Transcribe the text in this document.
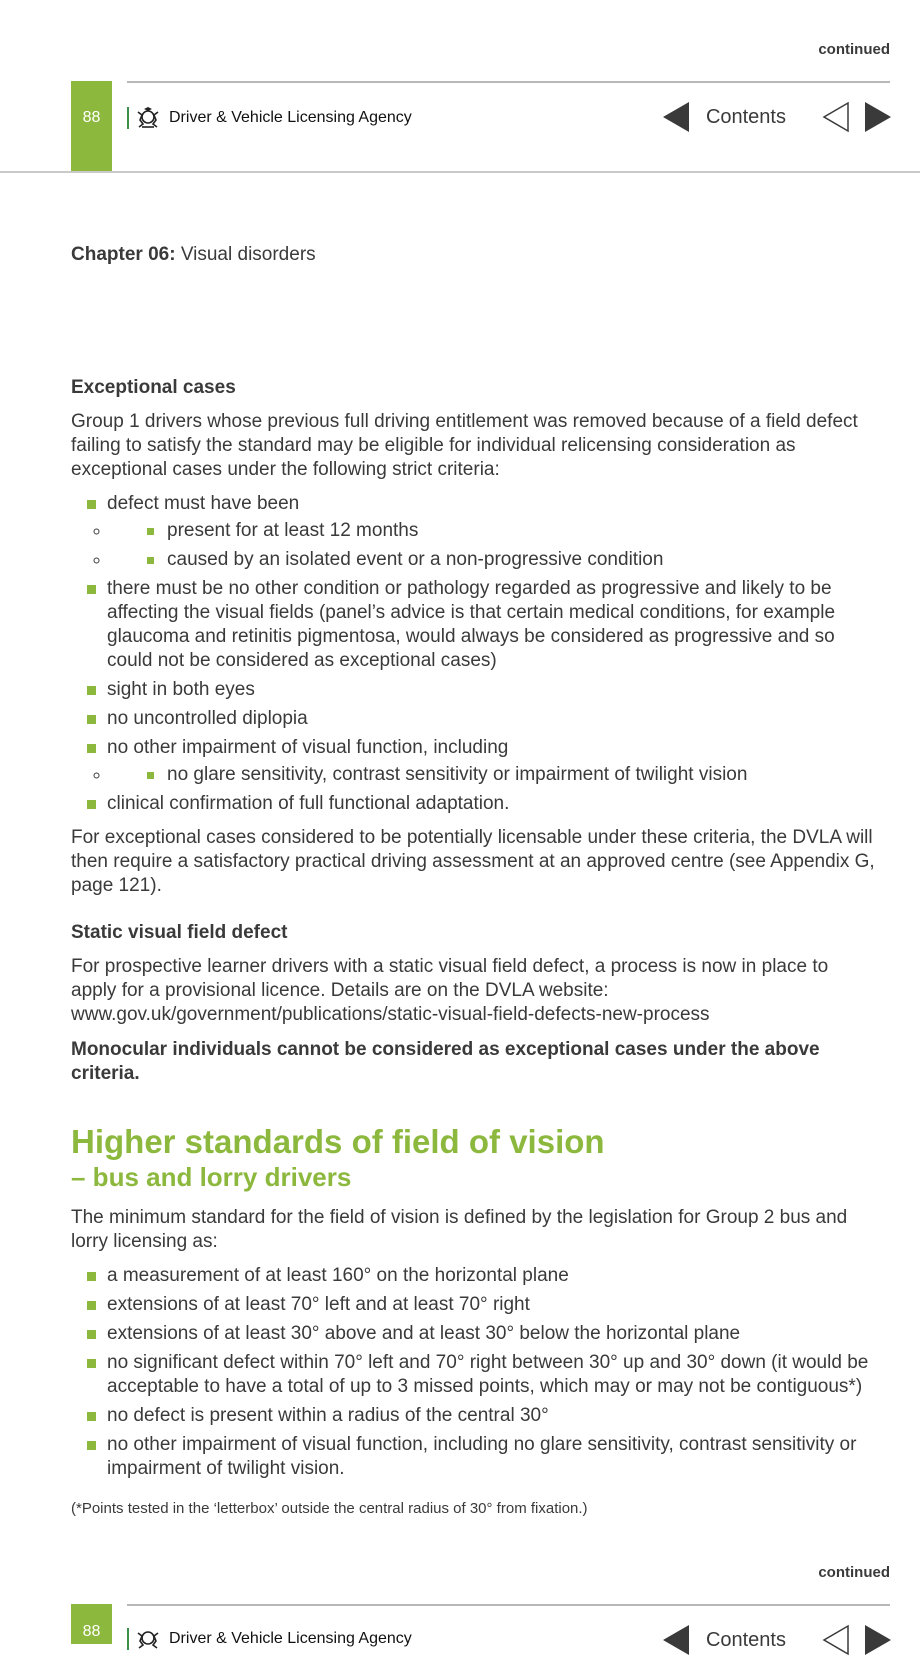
continued
88	Driver & Vehicle Licensing Agency	Contents
Chapter 06: Visual disorders

Exceptional cases

Group 1 drivers whose previous full driving entitlement was removed because of a field defect failing to satisfy the standard may be eligible for individual relicensing consideration as exceptional cases under the following strict criteria:

defect must have been
◦ present for at least 12 months
◦ caused by an isolated event or a non-progressive condition
there must be no other condition or pathology regarded as progressive and likely to be affecting the visual fields (panel’s advice is that certain medical conditions, for example glaucoma and retinitis pigmentosa, would always be considered as progressive and so could not be considered as exceptional cases)
sight in both eyes
no uncontrolled diplopia
no other impairment of visual function, including
◦ no glare sensitivity, contrast sensitivity or impairment of twilight vision
clinical confirmation of full functional adaptation.

For exceptional cases considered to be potentially licensable under these criteria, the DVLA will then require a satisfactory practical driving assessment at an approved centre (see Appendix G, page 121).

Static visual field defect

For prospective learner drivers with a static visual field defect, a process is now in place to apply for a provisional licence. Details are on the DVLA website: www.gov.uk/government/publications/static-visual-field-defects-new-process

Monocular individuals cannot be considered as exceptional cases under the above criteria.

Higher standards of field of vision

– bus and lorry drivers

The minimum standard for the field of vision is defined by the legislation for Group 2 bus and lorry licensing as:

a measurement of at least 160° on the horizontal plane
extensions of at least 70° left and at least 70° right
extensions of at least 30° above and at least 30° below the horizontal plane
no significant defect within 70° left and 70° right between 30° up and 30° down (it would be acceptable to have a total of up to 3 missed points, which may or may not be contiguous*)
no defect is present within a radius of the central 30°
no other impairment of visual function, including no glare sensitivity, contrast sensitivity or impairment of twilight vision.

(*Points tested in the ‘letterbox’ outside the central radius of 30° from fixation.)

continued
88	Driver & Vehicle Licensing Agency	Contents
